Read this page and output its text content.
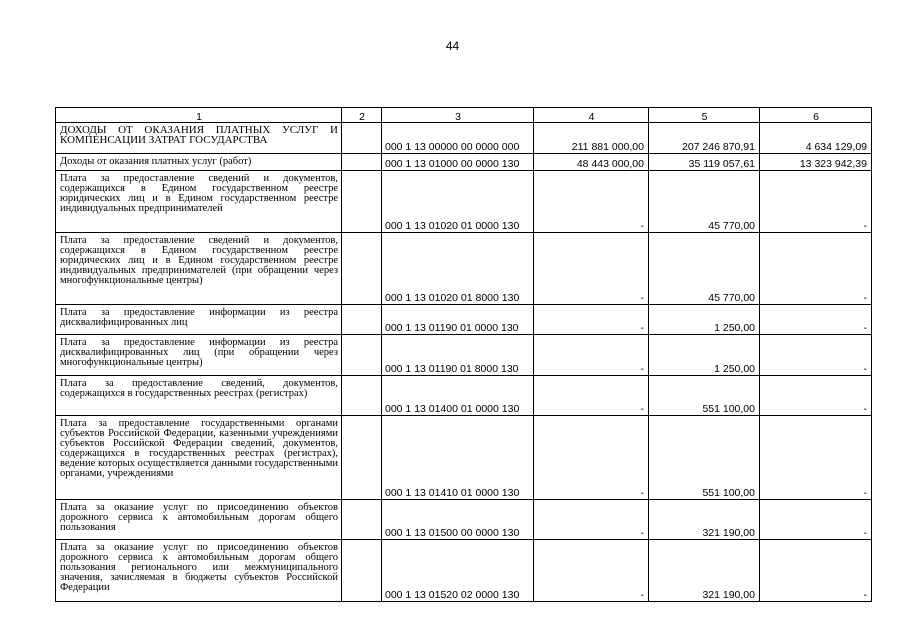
44
1	2	3	4	5	6
ДОХОДЫ ОТ ОКАЗАНИЯ ПЛАТНЫХ УСЛУГ И КОМПЕНСАЦИИ ЗАТРАТ ГОСУДАРСТВА		000 1 13 00000 00 0000 000	211 881 000,00	207 246 870,91	4 634 129,09
Доходы от оказания платных услуг (работ)		000 1 13 01000 00 0000 130	48 443 000,00	35 119 057,61	13 323 942,39
Плата за предоставление сведений и документов, содержащихся в Едином государственном реестре юридических лиц и в Едином государственном реестре индивидуальных предпринимателей		000 1 13 01020 01 0000 130	-	45 770,00	-
Плата за предоставление сведений и документов, содержащихся в Едином государственном реестре юридических лиц и в Едином государственном реестре индивидуальных предпринимателей (при обращении через многофункциональные центры)		000 1 13 01020 01 8000 130	-	45 770,00	-
Плата за предоставление информации из реестра дисквалифицированных лиц		000 1 13 01190 01 0000 130	-	1 250,00	-
Плата за предоставление информации из реестра дисквалифицированных лиц (при обращении через многофункциональные центры)		000 1 13 01190 01 8000 130	-	1 250,00	-
Плата за предоставление сведений, документов, содержащихся в государственных реестрах (регистрах)		000 1 13 01400 01 0000 130	-	551 100,00	-
Плата за предоставление государственными органами субъектов Российской Федерации, казенными учреждениями субъектов Российской Федерации сведений, документов, содержащихся в государственных реестрах (регистрах), ведение которых осуществляется данными государственными органами, учреждениями		000 1 13 01410 01 0000 130	-	551 100,00	-
Плата за оказание услуг по присоединению объектов дорожного сервиса к автомобильным дорогам общего пользования		000 1 13 01500 00 0000 130	-	321 190,00	-
Плата за оказание услуг по присоединению объектов дорожного сервиса к автомобильным дорогам общего пользования регионального или межмуниципального значения, зачисляемая в бюджеты субъектов Российской Федерации		000 1 13 01520 02 0000 130	-	321 190,00	-
